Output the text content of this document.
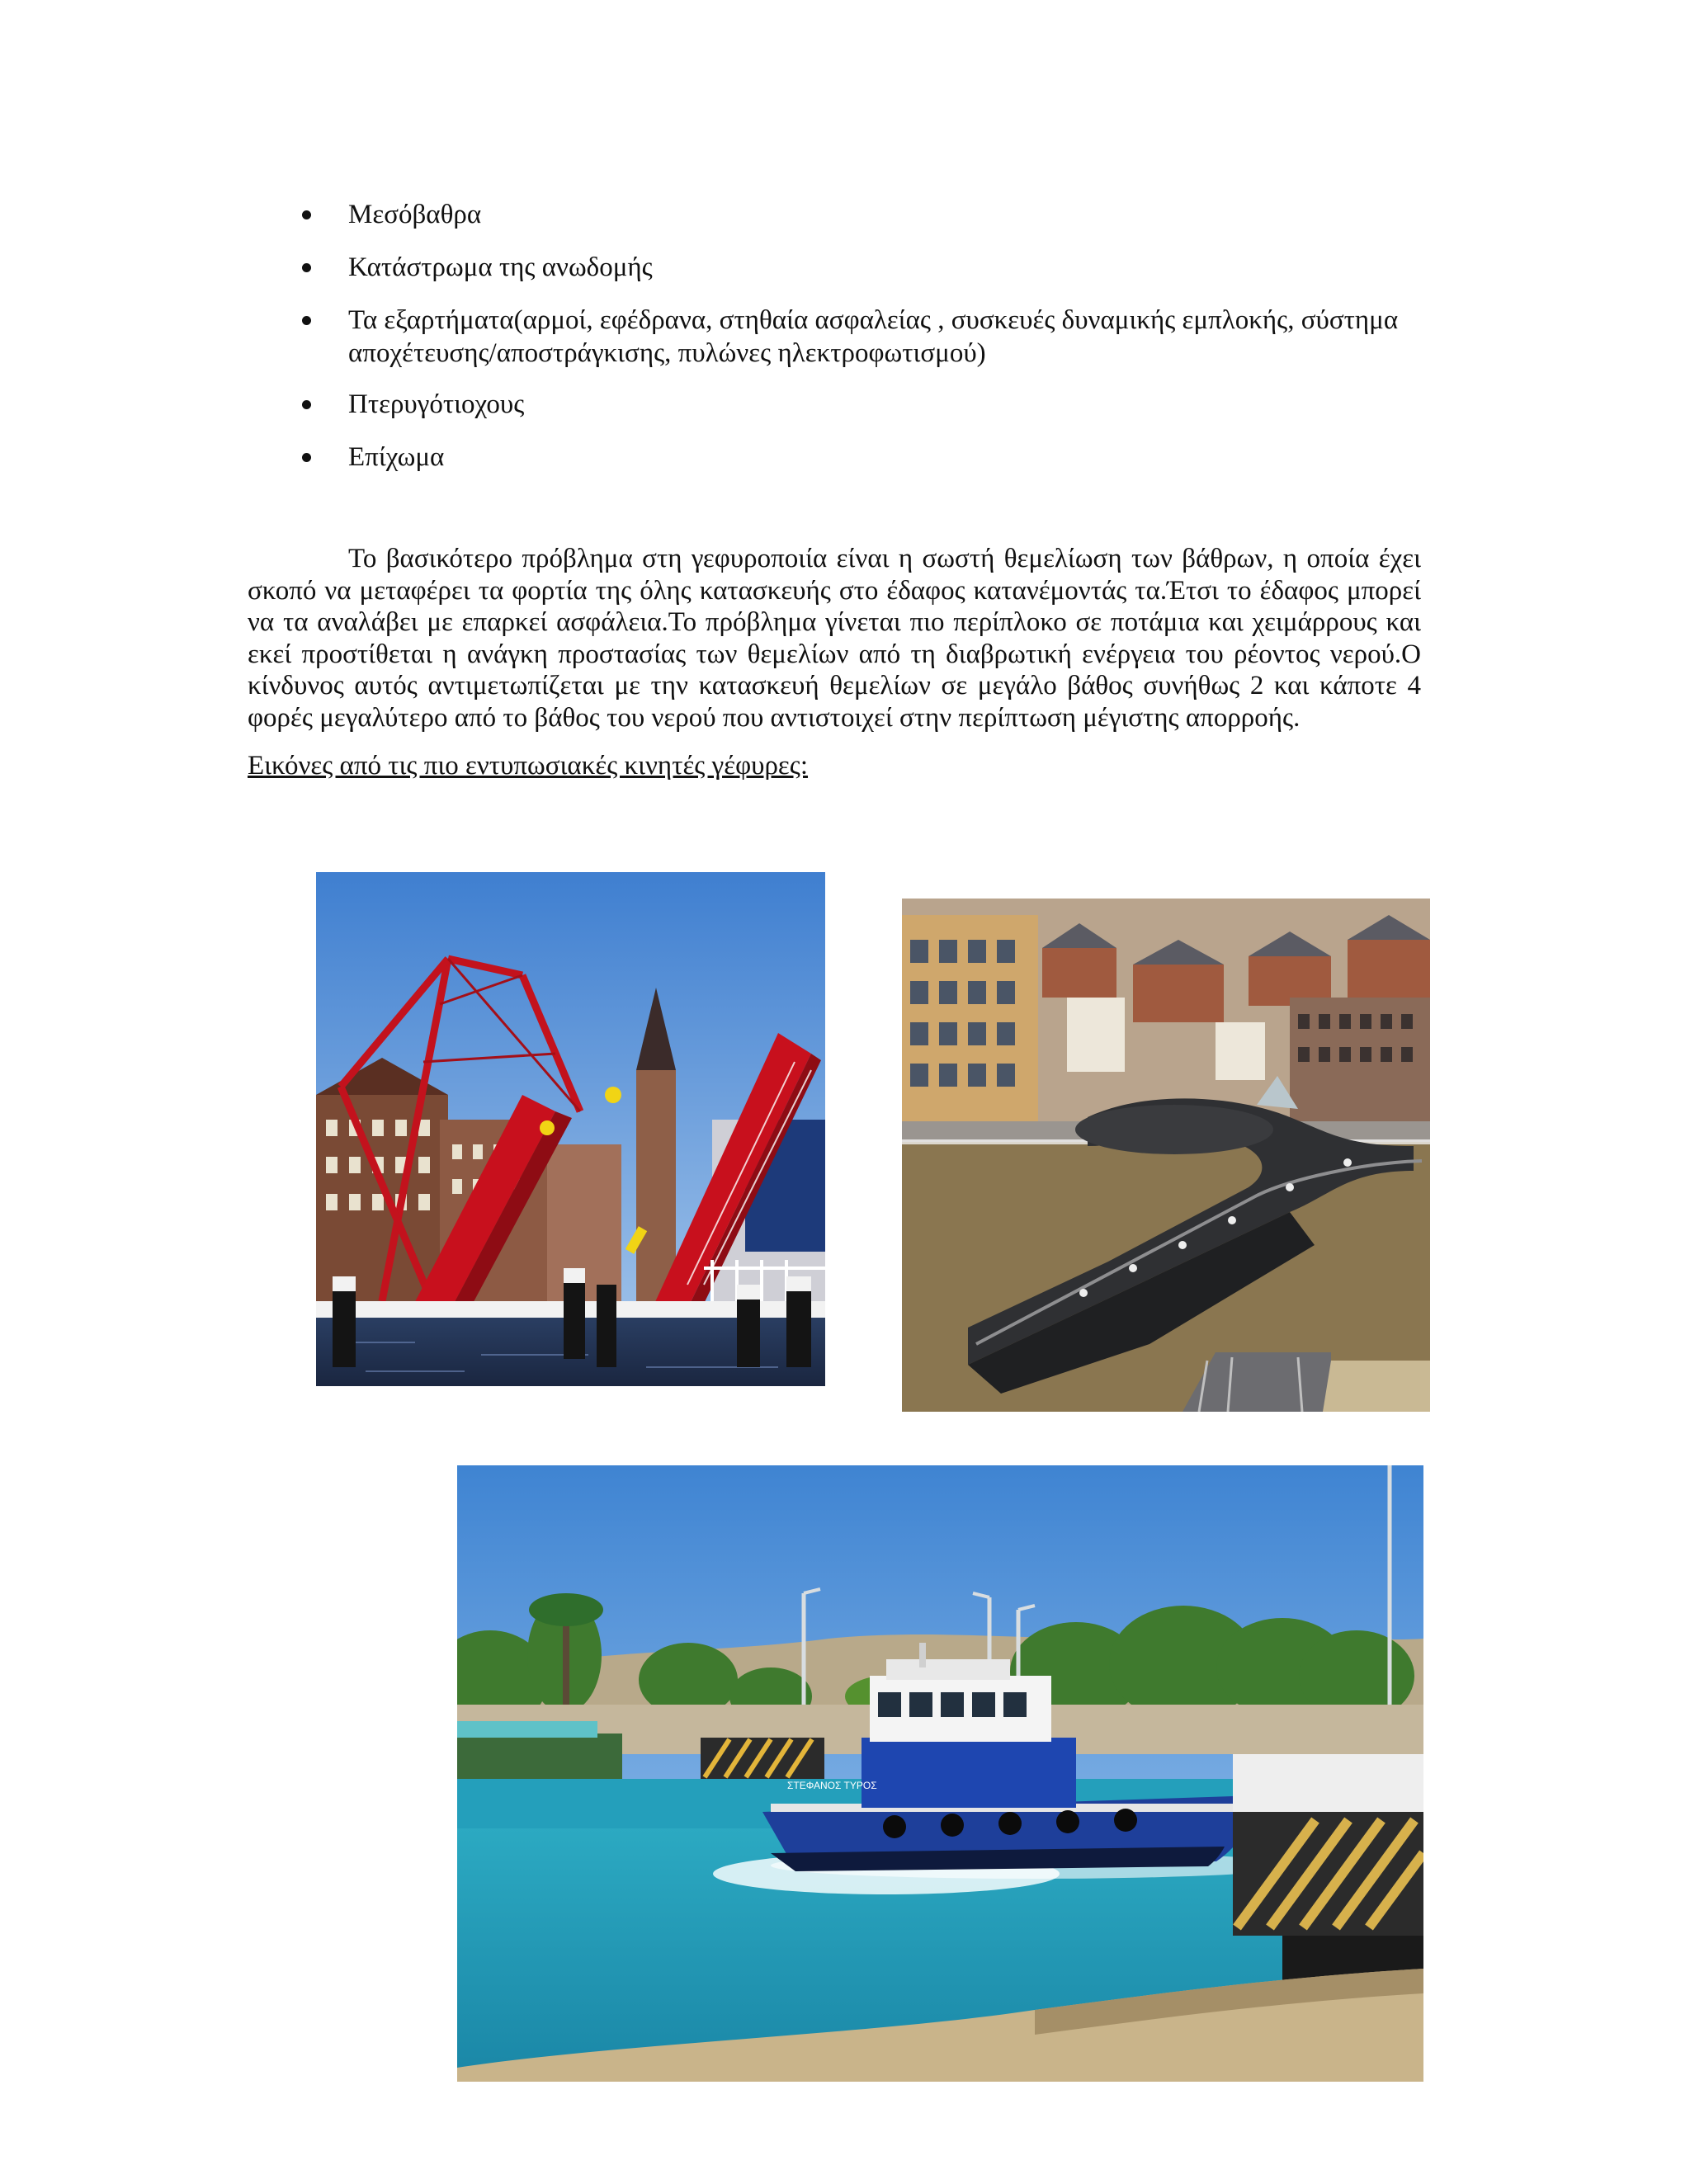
Μεσόβαθρα
Κατάστρωμα της ανωδομής
Τα εξαρτήματα(αρμοί, εφέδρανα, στηθαία ασφαλείας , συσκευές δυναμικής εμπλοκής, σύστημα αποχέτευσης/αποστράγκισης, πυλώνες ηλεκτροφωτισμού)
Πτερυγότιοχους
Επίχωμα

Το βασικότερο πρόβλημα στη γεφυροποιία είναι η σωστή θεμελίωση των βάθρων, η οποία έχει σκοπό να μεταφέρει τα φορτία της όλης κατασκευής στο έδαφος κατανέμοντάς τα.Έτσι το έδαφος μπορεί να τα αναλάβει με επαρκεί ασφάλεια.Το πρόβλημα γίνεται πιο περίπλοκο σε ποτάμια και χειμάρρους και εκεί προστίθεται η ανάγκη προστασίας των θεμελίων από τη διαβρωτική ενέργεια του ρέοντος νερού.Ο κίνδυνος αυτός αντιμετωπίζεται με την κατασκευή θεμελίων σε μεγάλο βάθος συνήθως 2 και κάποτε 4 φορές μεγαλύτερο από το βάθος του νερού που αντιστοιχεί στην περίπτωση μέγιστης απορροής.

Εικόνες από τις πιο εντυπωσιακές κινητές γέφυρες:

ΣΤΕΦΑΝΟΣ ΤΥΡΟΣ
